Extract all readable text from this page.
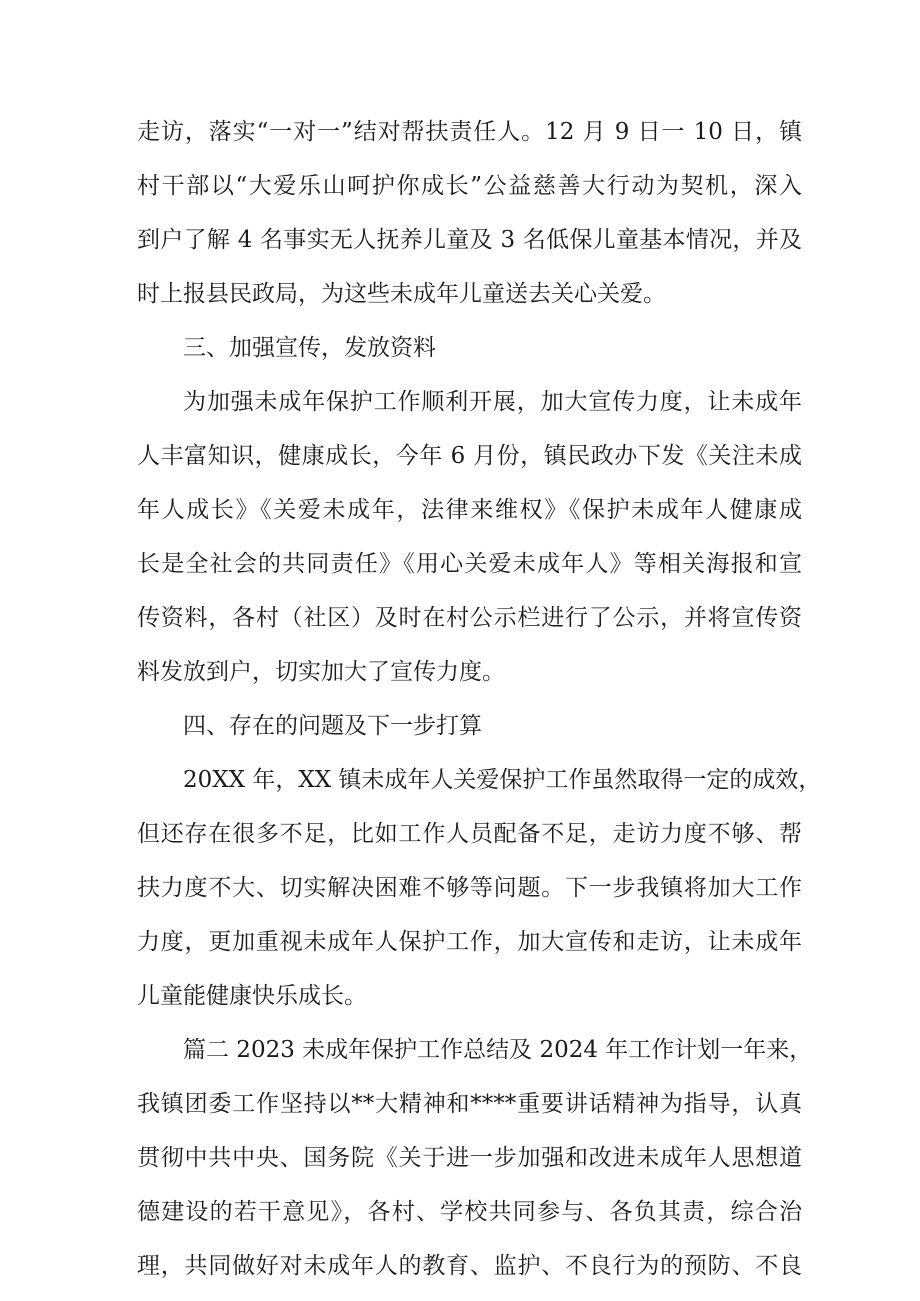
走访，落实“一对一”结对帮扶责任人。12 月 9 日一 10 日，镇
村干部以“大爱乐山呵护你成长”公益慈善大行动为契机，深入
到户了解 4 名事实无人抚养儿童及 3 名低保儿童基本情况，并及
时上报县民政局，为这些未成年儿童送去关心关爱。
三、加强宣传，发放资料
为加强未成年保护工作顺利开展，加大宣传力度，让未成年
人丰富知识，健康成长，今年 6 月份，镇民政办下发《关注未成
年人成长》《关爱未成年，法律来维权》《保护未成年人健康成
长是全社会的共同责任》《用心关爱未成年人》等相关海报和宣
传资料，各村（社区）及时在村公示栏进行了公示，并将宣传资
料发放到户，切实加大了宣传力度。
四、存在的问题及下一步打算
20XX 年，XX 镇未成年人关爱保护工作虽然取得一定的成效，
但还存在很多不足，比如工作人员配备不足，走访力度不够、帮
扶力度不大、切实解决困难不够等问题。下一步我镇将加大工作
力度，更加重视未成年人保护工作，加大宣传和走访，让未成年
儿童能健康快乐成长。
篇二 2023 未成年保护工作总结及 2024 年工作计划一年来，
我镇团委工作坚持以**大精神和****重要讲话精神为指导，认真
贯彻中共中央、国务院《关于进一步加强和改进未成年人思想道
德建设的若干意见》，各村、学校共同参与、各负其责，综合治
理，共同做好对未成年人的教育、监护、不良行为的预防、不良
